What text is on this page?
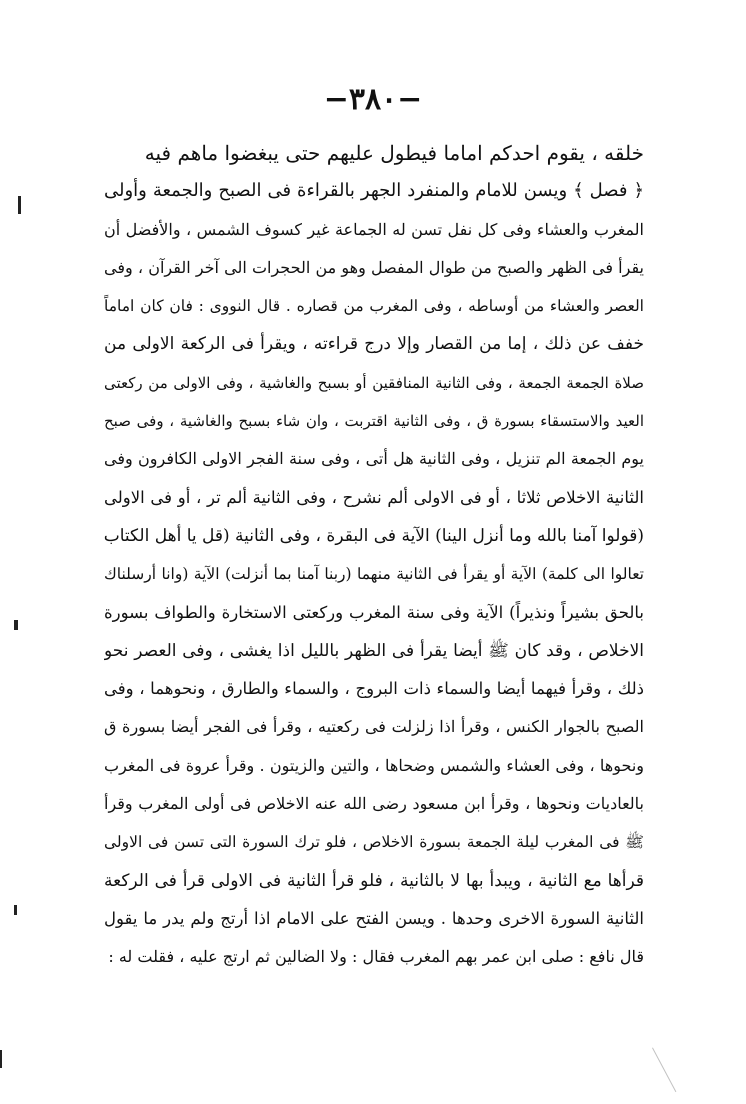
−٣٨٠−
خلقه ، يقوم احدكم اماما فيطول عليهم حتى يبغضوا ماهم فيه
﴿ فصل ﴾ ويسن للامام والمنفرد الجهر بالقراءة فى الصبح والجمعة وأولى
المغرب والعشاء وفى كل نفل تسن له الجماعة غير كسوف الشمس ، والأفضل أن
يقرأ فى الظهر والصبح من طوال المفصل وهو من الحجرات الى آخر القرآن ، وفى
العصر والعشاء من أوساطه ، وفى المغرب من قصاره . قال النووى : فان كان اماماً
خفف عن ذلك ، إما من القصار وإلا درج قراءته ، ويقرأ فى الركعة الاولى من
صلاة الجمعة الجمعة ، وفى الثانية المنافقين أو بسبح والغاشية ، وفى الاولى من ركعتى
العيد والاستسقاء بسورة ق ، وفى الثانية اقتربت ، وان شاء بسبح والغاشية ، وفى صبح
يوم الجمعة الم تنزيل ، وفى الثانية هل أتى ، وفى سنة الفجر الاولى الكافرون وفى
الثانية الاخلاص ثلاثا ، أو فى الاولى ألم نشرح ، وفى الثانية ألم تر ، أو فى الاولى
(قولوا آمنا بالله وما أنزل الينا) الآية فى البقرة ، وفى الثانية (قل يا أهل الكتاب
تعالوا الى كلمة) الآية أو يقرأ فى الثانية منهما (ربنا آمنا بما أنزلت) الآية (وانا أرسلناك
بالحق بشيراً ونذيراً) الآية وفى سنة المغرب وركعتى الاستخارة والطواف بسورة
الاخلاص ، وقد كان ﷺ أيضا يقرأ فى الظهر بالليل اذا يغشى ، وفى العصر نحو
ذلك ، وقرأ فيهما أيضا والسماء ذات البروج ، والسماء والطارق ، ونحوهما ، وفى
الصبح بالجوار الكنس ، وقرأ اذا زلزلت فى ركعتيه ، وقرأ فى الفجر أيضا بسورة ق
ونحوها ، وفى العشاء والشمس وضحاها ، والتين والزيتون . وقرأ عروة فى المغرب
بالعاديات ونحوها ، وقرأ ابن مسعود رضى الله عنه الاخلاص فى أولى المغرب وقرأ
ﷺ فى المغرب ليلة الجمعة بسورة الاخلاص ، فلو ترك السورة التى تسن فى الاولى
قرأها مع الثانية ، ويبدأ بها لا بالثانية ، فلو قرأ الثانية فى الاولى قرأ فى الركعة
الثانية السورة الاخرى وحدها . ويسن الفتح على الامام اذا أرتج ولم يدر ما يقول
قال نافع : صلى ابن عمر بهم المغرب فقال : ولا الضالين ثم ارتج عليه ، فقلت له :
